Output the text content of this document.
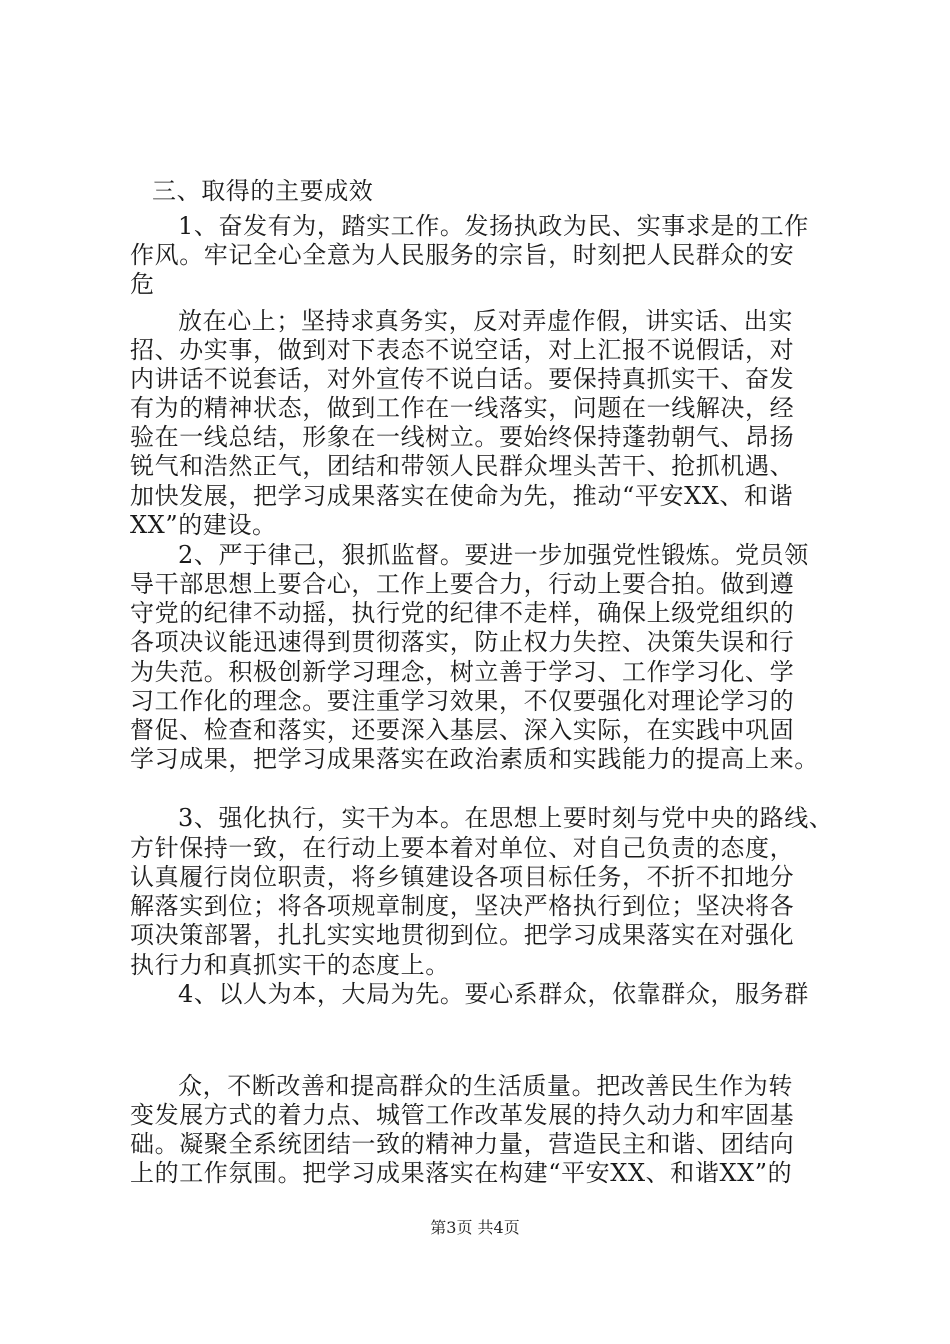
三、取得的主要成效
1、奋发有为，踏实工作。发扬执政为民、实事求是的工作
作风。牢记全心全意为人民服务的宗旨，时刻把人民群众的安
危
放在心上；坚持求真务实，反对弄虚作假，讲实话、出实
招、办实事，做到对下表态不说空话，对上汇报不说假话，对
内讲话不说套话，对外宣传不说白话。要保持真抓实干、奋发
有为的精神状态，做到工作在一线落实，问题在一线解决，经
验在一线总结，形象在一线树立。要始终保持蓬勃朝气、昂扬
锐气和浩然正气，团结和带领人民群众埋头苦干、抢抓机遇、
加快发展，把学习成果落实在使命为先，推动“平安XX、和谐
XX”的建设。
2、严于律己，狠抓监督。要进一步加强党性锻炼。党员领
导干部思想上要合心，工作上要合力，行动上要合拍。做到遵
守党的纪律不动摇，执行党的纪律不走样，确保上级党组织的
各项决议能迅速得到贯彻落实，防止权力失控、决策失误和行
为失范。积极创新学习理念，树立善于学习、工作学习化、学
习工作化的理念。要注重学习效果，不仅要强化对理论学习的
督促、检查和落实，还要深入基层、深入实际，在实践中巩固
学习成果，把学习成果落实在政治素质和实践能力的提高上来。
3、强化执行，实干为本。在思想上要时刻与党中央的路线、
方针保持一致，在行动上要本着对单位、对自己负责的态度，
认真履行岗位职责，将乡镇建设各项目标任务，不折不扣地分
解落实到位；将各项规章制度，坚决严格执行到位；坚决将各
项决策部署，扎扎实实地贯彻到位。把学习成果落实在对强化
执行力和真抓实干的态度上。
4、以人为本，大局为先。要心系群众，依靠群众，服务群
众，不断改善和提高群众的生活质量。把改善民生作为转
变发展方式的着力点、城管工作改革发展的持久动力和牢固基
础。凝聚全系统团结一致的精神力量，营造民主和谐、团结向
上的工作氛围。把学习成果落实在构建“平安XX、和谐XX”的
第3页 共4页
